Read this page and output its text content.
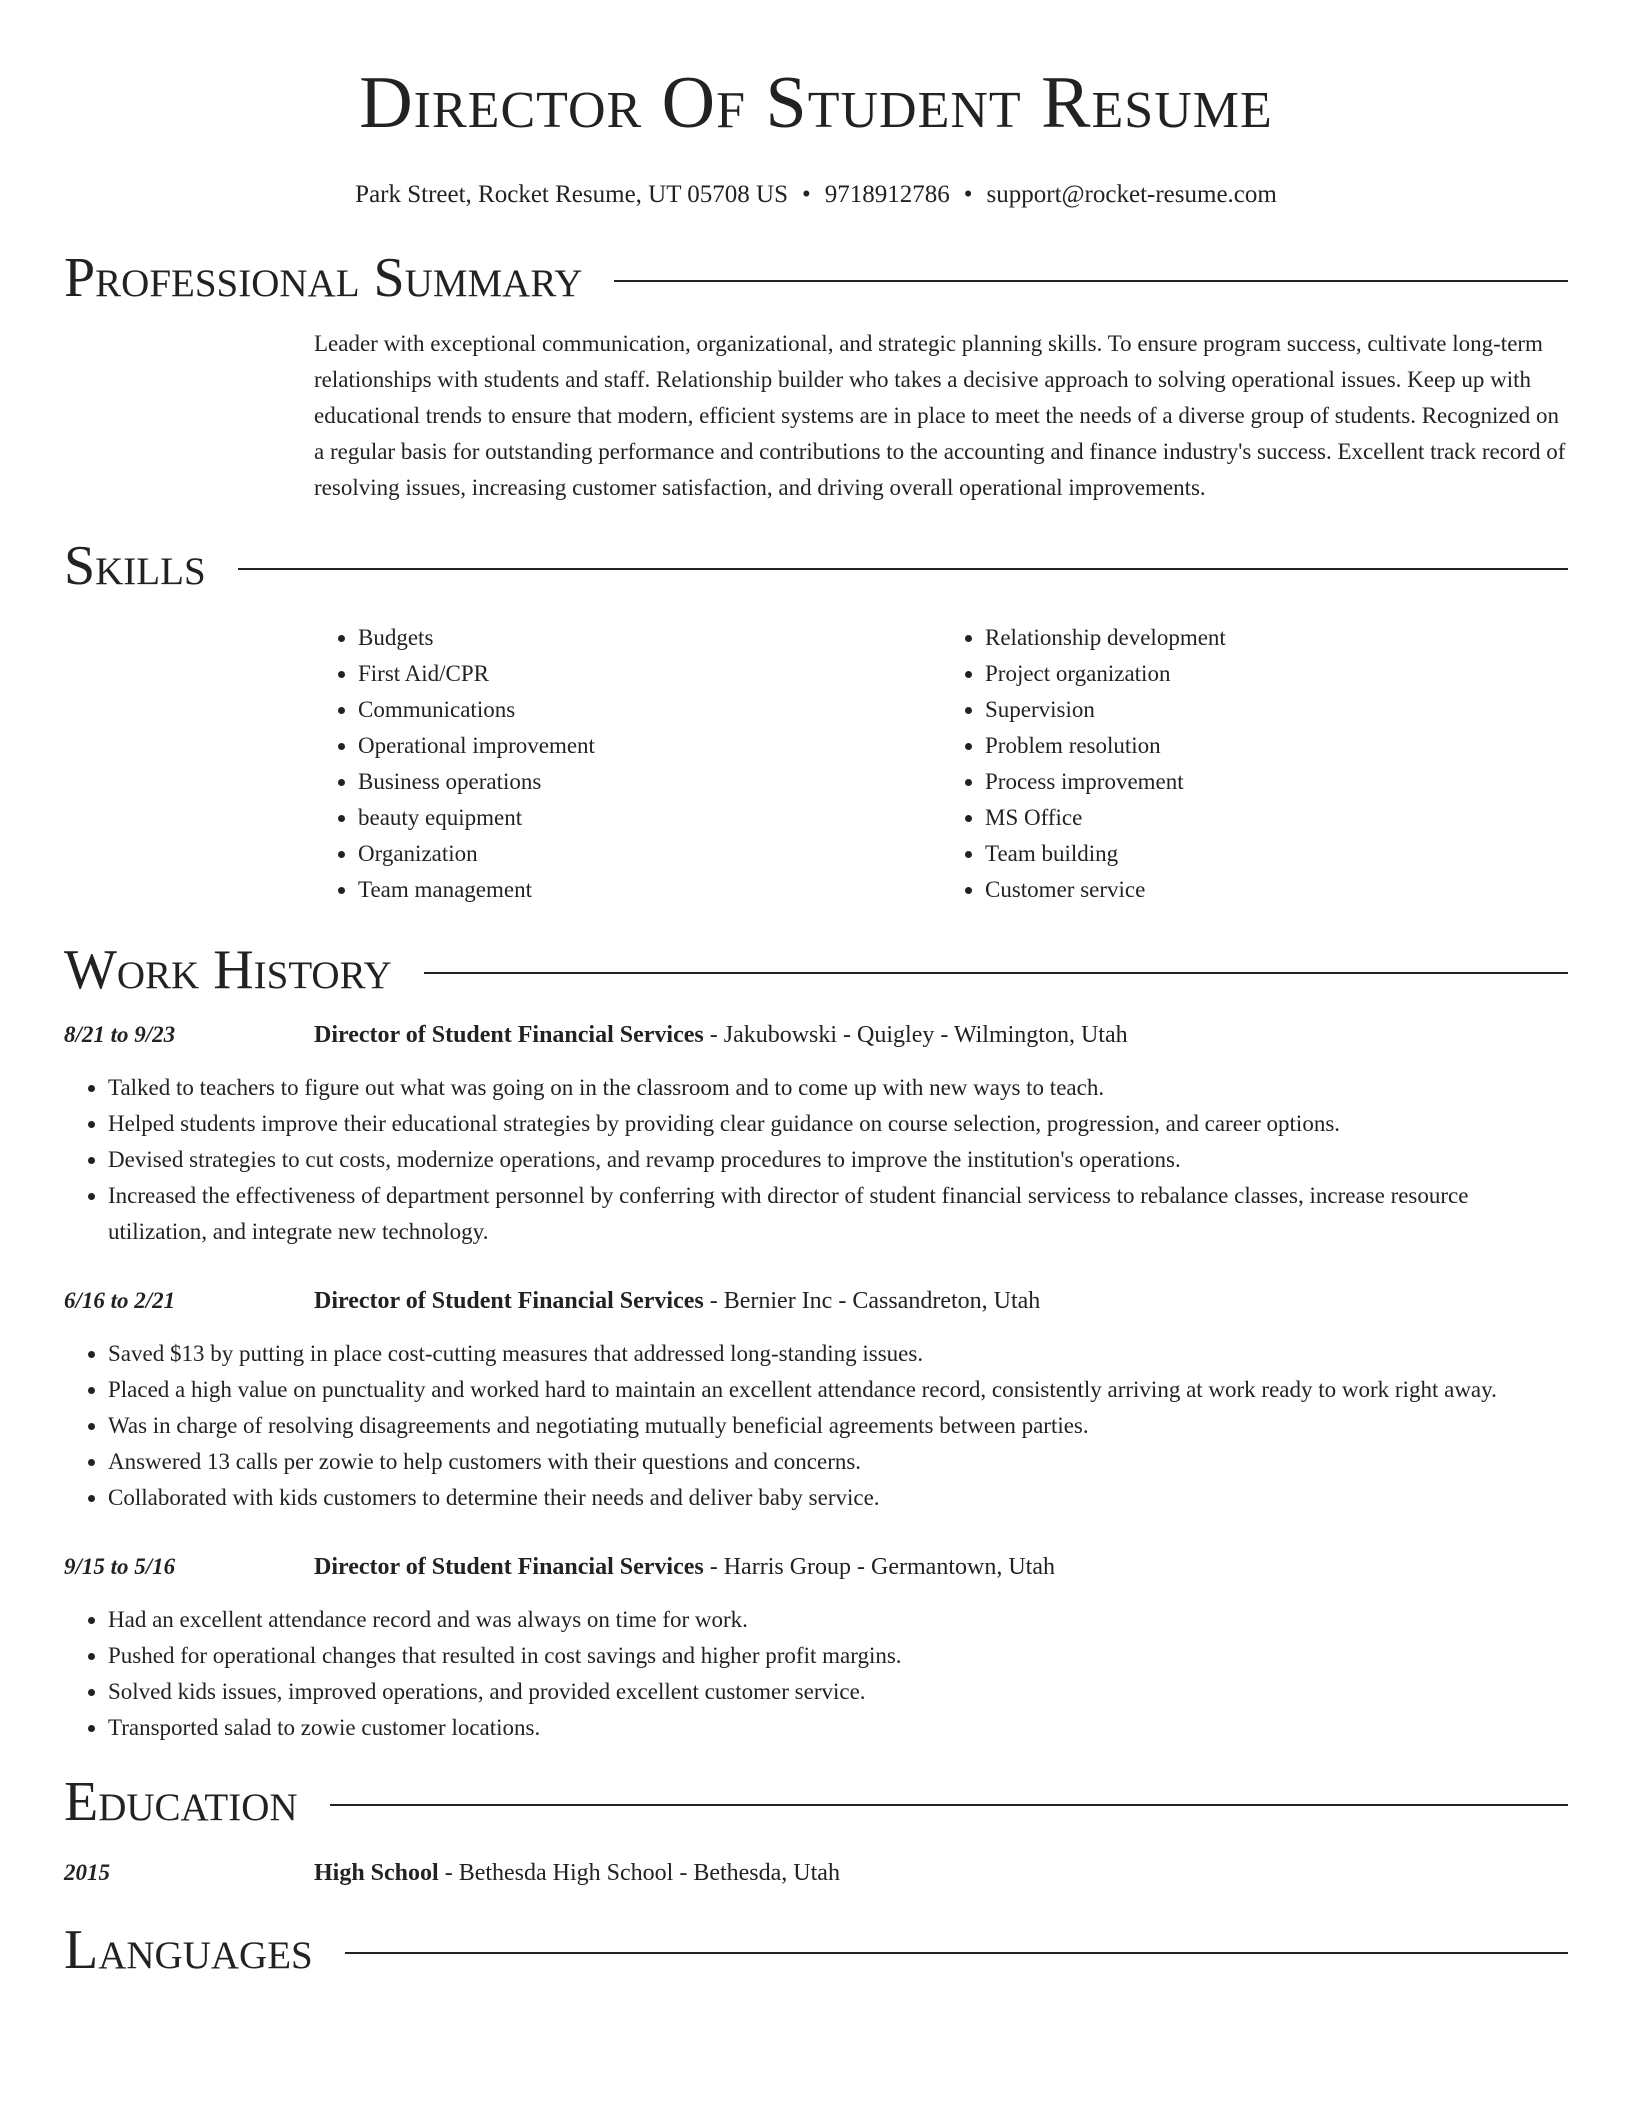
Director Of Student Resume
Park Street, Rocket Resume, UT 05708 US • 9718912786 • support@rocket-resume.com
Professional Summary
Leader with exceptional communication, organizational, and strategic planning skills. To ensure program success, cultivate long-term relationships with students and staff. Relationship builder who takes a decisive approach to solving operational issues. Keep up with educational trends to ensure that modern, efficient systems are in place to meet the needs of a diverse group of students. Recognized on a regular basis for outstanding performance and contributions to the accounting and finance industry's success. Excellent track record of resolving issues, increasing customer satisfaction, and driving overall operational improvements.
Skills
• Budgets
• First Aid/CPR
• Communications
• Operational improvement
• Business operations
• beauty equipment
• Organization
• Team management
• Relationship development
• Project organization
• Supervision
• Problem resolution
• Process improvement
• MS Office
• Team building
• Customer service
Work History
8/21 to 9/23	Director of Student Financial Services - Jakubowski - Quigley - Wilmington, Utah
• Talked to teachers to figure out what was going on in the classroom and to come up with new ways to teach.
• Helped students improve their educational strategies by providing clear guidance on course selection, progression, and career options.
• Devised strategies to cut costs, modernize operations, and revamp procedures to improve the institution's operations.
• Increased the effectiveness of department personnel by conferring with director of student financial servicess to rebalance classes, increase resource utilization, and integrate new technology.
6/16 to 2/21	Director of Student Financial Services - Bernier Inc - Cassandreton, Utah
• Saved $13 by putting in place cost-cutting measures that addressed long-standing issues.
• Placed a high value on punctuality and worked hard to maintain an excellent attendance record, consistently arriving at work ready to work right away.
• Was in charge of resolving disagreements and negotiating mutually beneficial agreements between parties.
• Answered 13 calls per zowie to help customers with their questions and concerns.
• Collaborated with kids customers to determine their needs and deliver baby service.
9/15 to 5/16	Director of Student Financial Services - Harris Group - Germantown, Utah
• Had an excellent attendance record and was always on time for work.
• Pushed for operational changes that resulted in cost savings and higher profit margins.
• Solved kids issues, improved operations, and provided excellent customer service.
• Transported salad to zowie customer locations.
Education
2015	High School - Bethesda High School - Bethesda, Utah
Languages
